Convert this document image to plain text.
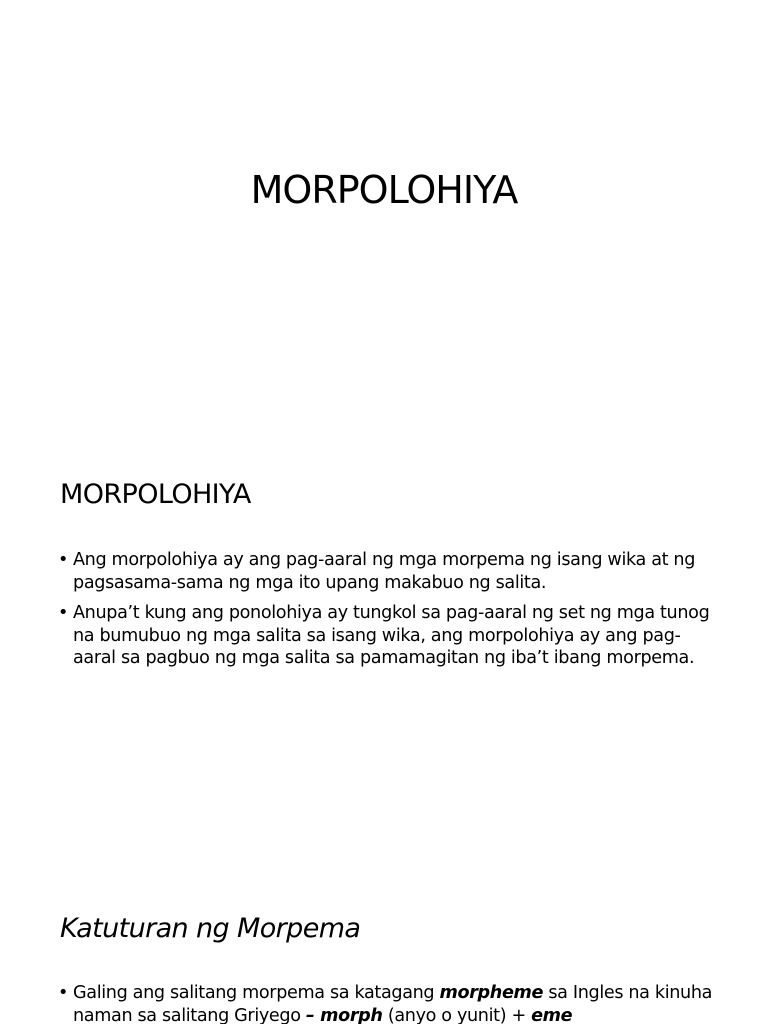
MORPOLOHIYA
MORPOLOHIYA
• Ang morpolohiya ay ang pag-aaral ng mga morpema ng isang wika at ng pagsasama-sama ng mga ito upang makabuo ng salita.
• Anupa’t kung ang ponolohiya ay tungkol sa pag-aaral ng set ng mga tunog na bumubuo ng mga salita sa isang wika, ang morpolohiya ay ang pag-aaral sa pagbuo ng mga salita sa pamamagitan ng iba’t ibang morpema.
Katuturan ng Morpema
• Galing ang salitang morpema sa katagang morpheme sa Ingles na kinuha naman sa salitang Griyego – morph (anyo o yunit) + eme
